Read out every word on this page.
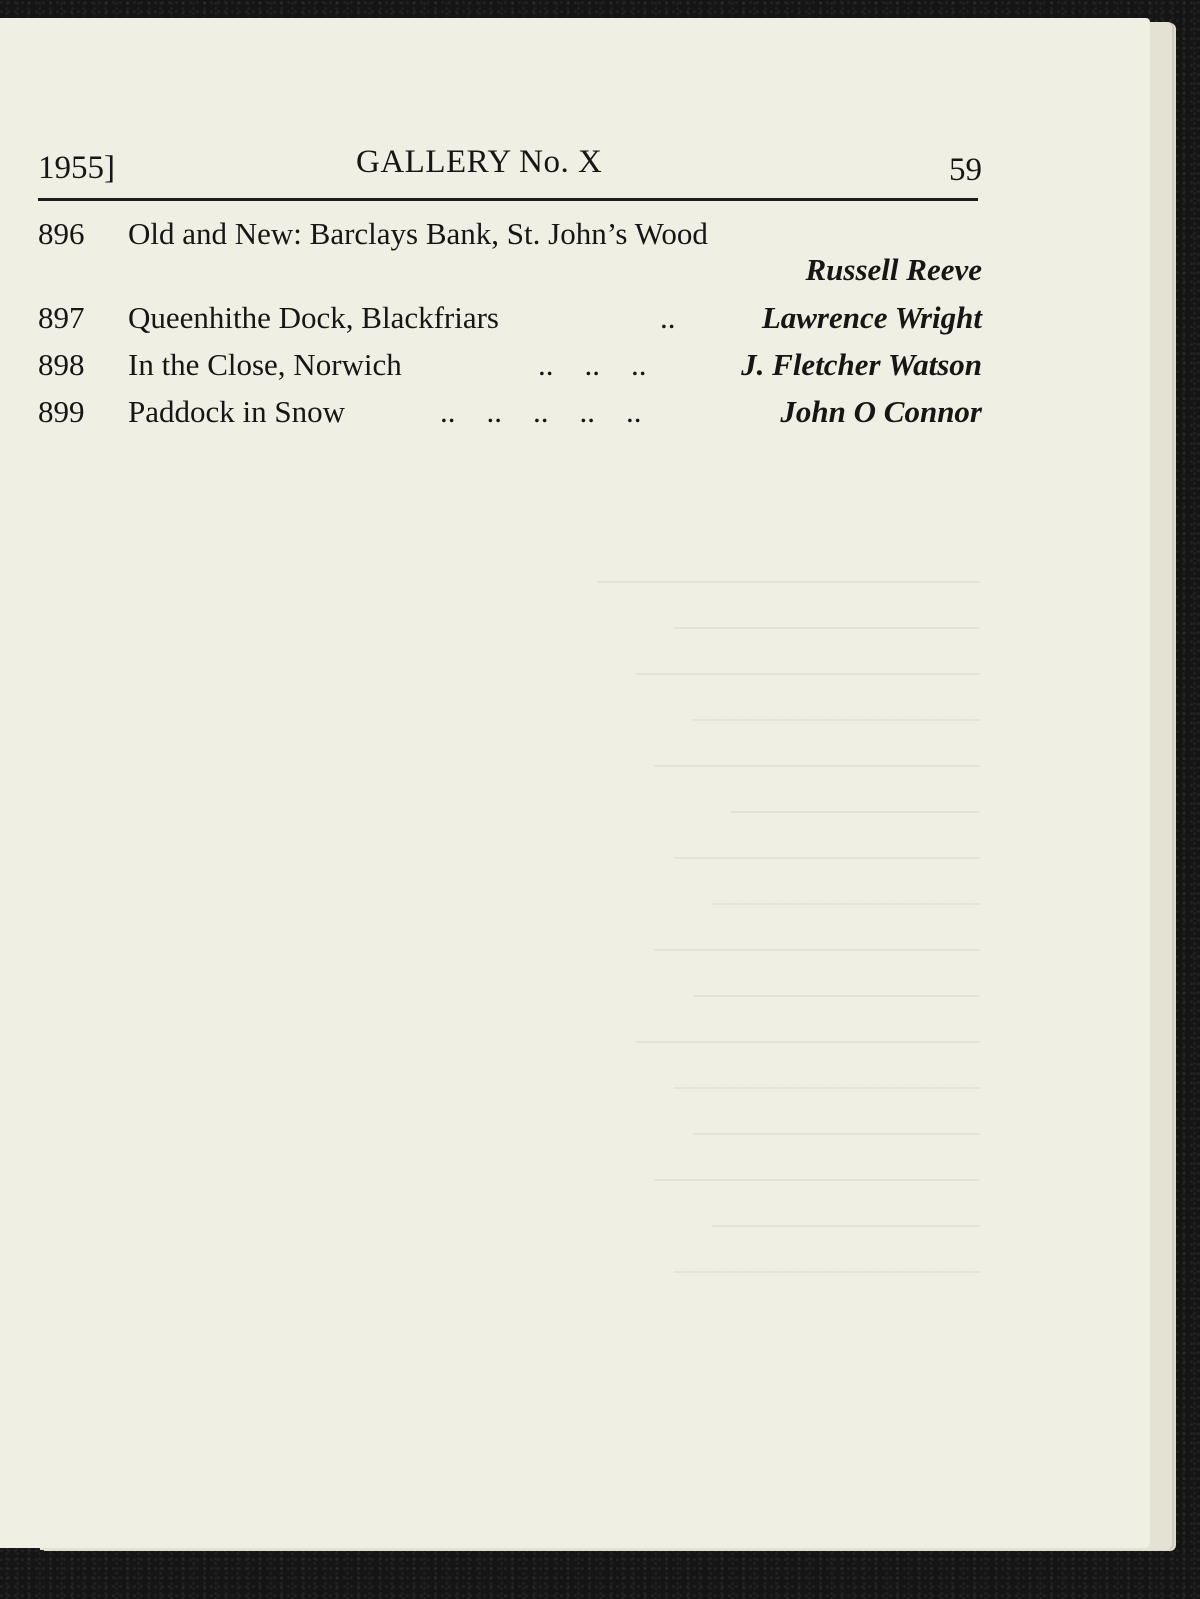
────────────────────
────────────────
──────────────────
───────────────
─────────────────
─────────────
────────────────
──────────────
─────────────────
───────────────
──────────────────
────────────────
───────────────
─────────────────
──────────────
────────────────
1955]	GALLERY No. X	59
896 Old and New: Barclays Bank, St. John’s Wood
Russell Reeve
897 Queenhithe Dock, Blackfriars	..	Lawrence Wright
898 In the Close, Norwich	..    ..    ..	J. Fletcher Watson
899 Paddock in Snow	..    ..    ..    ..    ..	John O Connor
